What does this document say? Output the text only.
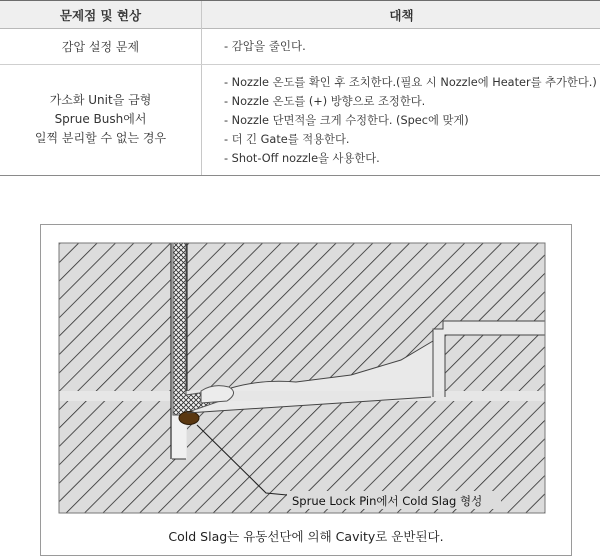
문제점 및 현상	대책
감압 설정 문제	- 감압을 줄인다.
가소화 Unit을 금형
Sprue Bush에서
일찍 분리할 수 없는 경우
- Nozzle 온도를 확인 후 조치한다.(필요 시 Nozzle에 Heater를 추가한다.)
- Nozzle 온도를 (+) 방향으로 조정한다.
- Nozzle 단면적을 크게 수정한다. (Spec에 맞게)
- 더 긴 Gate를 적용한다.
- Shot-Off nozzle을 사용한다.
Sprue Lock Pin에서 Cold Slag 형성
Cold Slag는 유동선단에 의해 Cavity로 운반된다.
